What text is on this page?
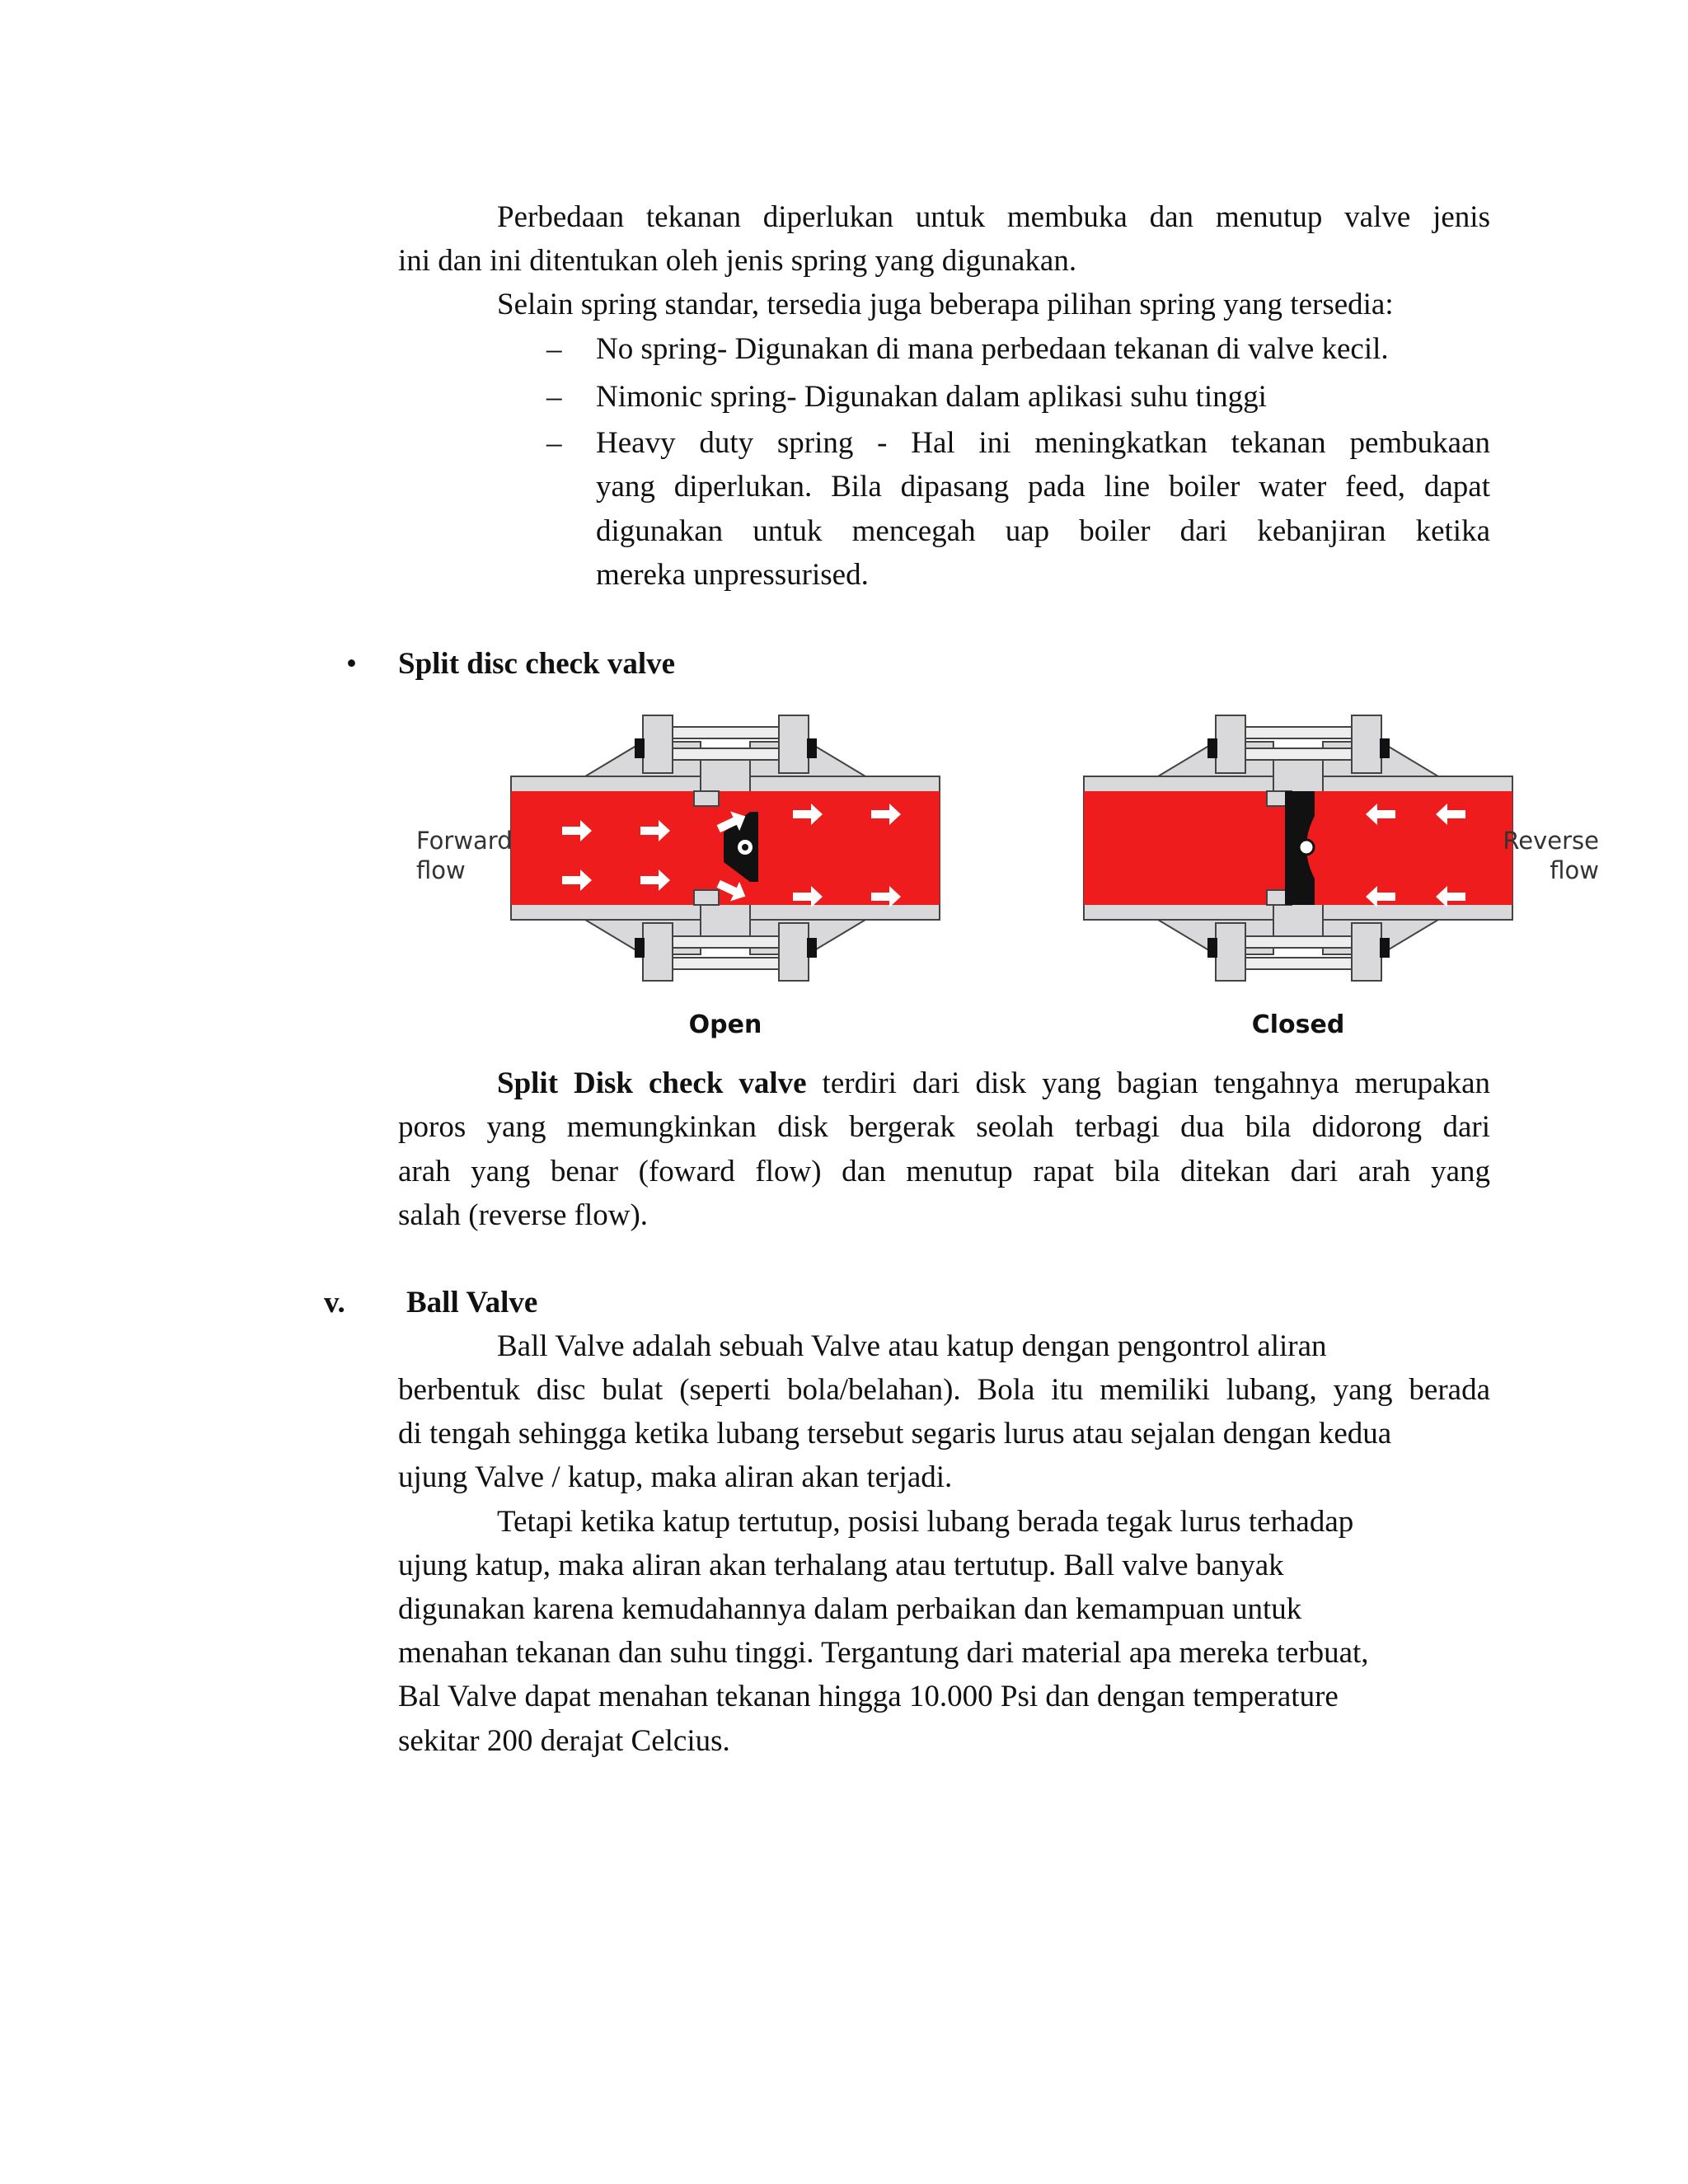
Perbedaan tekanan diperlukan untuk membuka dan menutup valve jenis

ini dan ini ditentukan oleh jenis spring yang digunakan.

Selain spring standar, tersedia juga beberapa pilihan spring yang tersedia:

– No spring- Digunakan di mana perbedaan tekanan di valve kecil.

– Nimonic spring- Digunakan dalam aplikasi suhu tinggi

– Heavy duty spring - Hal ini meningkatkan tekanan pembukaan

yang diperlukan. Bila dipasang pada line boiler water feed, dapat

digunakan untuk mencegah uap boiler dari kebanjiran ketika

mereka unpressurised.

• Split disc check valve

Forward
flow
Reverse
flow
Open	Closed

Split Disk check valve terdiri dari disk yang bagian tengahnya merupakan

poros yang memungkinkan disk bergerak seolah terbagi dua bila didorong dari

arah yang benar (foward flow) dan menutup rapat bila ditekan dari arah yang

salah (reverse flow).

v. Ball Valve

Ball Valve adalah sebuah Valve atau katup dengan pengontrol aliran

berbentuk disc bulat (seperti bola/belahan). Bola itu memiliki lubang, yang berada

di tengah sehingga ketika lubang tersebut segaris lurus atau sejalan dengan kedua

ujung Valve / katup, maka aliran akan terjadi.

Tetapi ketika katup tertutup, posisi lubang berada tegak lurus terhadap

ujung katup, maka aliran akan terhalang atau tertutup. Ball valve banyak

digunakan karena kemudahannya dalam perbaikan dan kemampuan untuk

menahan tekanan dan suhu tinggi. Tergantung dari material apa mereka terbuat,

Bal Valve dapat menahan tekanan hingga 10.000 Psi dan dengan temperature

sekitar 200 derajat Celcius.
